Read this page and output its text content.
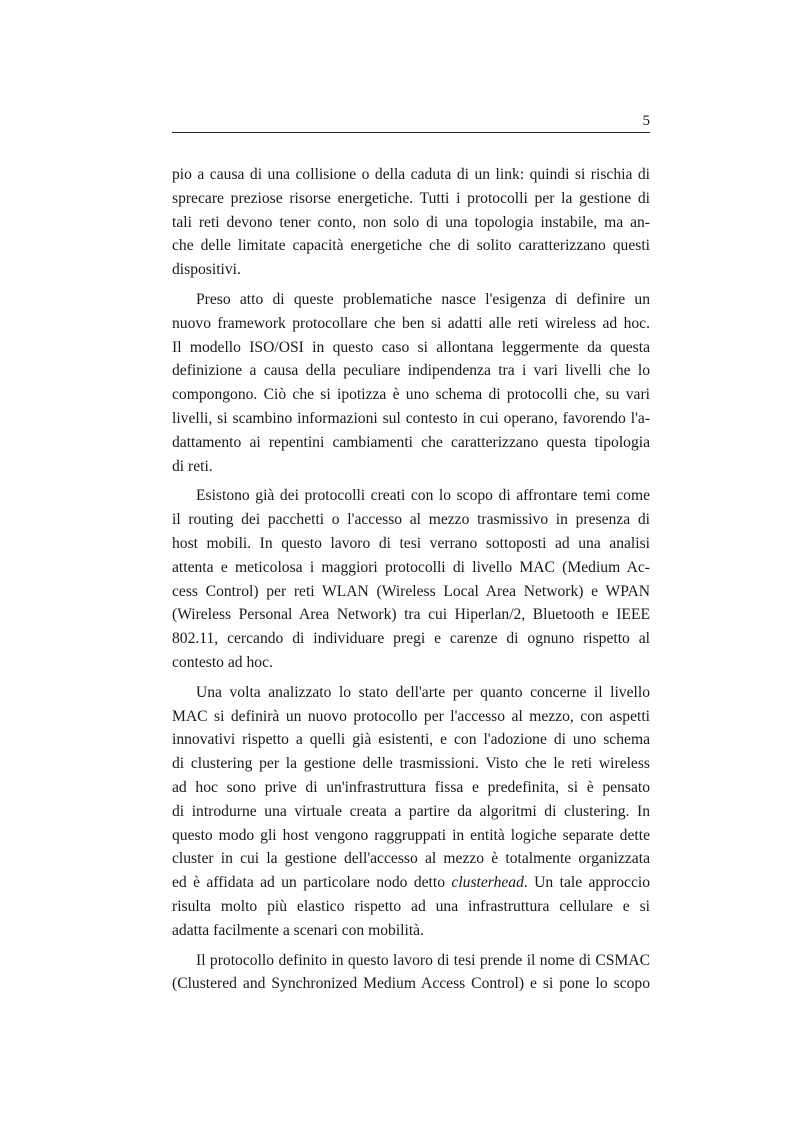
5

pio a causa di una collisione o della caduta di un link: quindi si rischia di
sprecare preziose risorse energetiche. Tutti i protocolli per la gestione di
tali reti devono tener conto, non solo di una topologia instabile, ma an-
che delle limitate capacità energetiche che di solito caratterizzano questi
dispositivi.

Preso atto di queste problematiche nasce l'esigenza di definire un
nuovo framework protocollare che ben si adatti alle reti wireless ad hoc.
Il modello ISO/OSI in questo caso si allontana leggermente da questa
definizione a causa della peculiare indipendenza tra i vari livelli che lo
compongono. Ciò che si ipotizza è uno schema di protocolli che, su vari
livelli, si scambino informazioni sul contesto in cui operano, favorendo l'a-
dattamento ai repentini cambiamenti che caratterizzano questa tipologia
di reti.

Esistono già dei protocolli creati con lo scopo di affrontare temi come
il routing dei pacchetti o l'accesso al mezzo trasmissivo in presenza di
host mobili. In questo lavoro di tesi verrano sottoposti ad una analisi
attenta e meticolosa i maggiori protocolli di livello MAC (Medium Ac-
cess Control) per reti WLAN (Wireless Local Area Network) e WPAN
(Wireless Personal Area Network) tra cui Hiperlan/2, Bluetooth e IEEE
802.11, cercando di individuare pregi e carenze di ognuno rispetto al
contesto ad hoc.

Una volta analizzato lo stato dell'arte per quanto concerne il livello
MAC si definirà un nuovo protocollo per l'accesso al mezzo, con aspetti
innovativi rispetto a quelli già esistenti, e con l'adozione di uno schema
di clustering per la gestione delle trasmissioni. Visto che le reti wireless
ad hoc sono prive di un'infrastruttura fissa e predefinita, si è pensato
di introdurne una virtuale creata a partire da algoritmi di clustering. In
questo modo gli host vengono raggruppati in entità logiche separate dette
cluster in cui la gestione dell'accesso al mezzo è totalmente organizzata
ed è affidata ad un particolare nodo detto clusterhead. Un tale approccio
risulta molto più elastico rispetto ad una infrastruttura cellulare e si
adatta facilmente a scenari con mobilità.

Il protocollo definito in questo lavoro di tesi prende il nome di CSMAC
(Clustered and Synchronized Medium Access Control) e si pone lo scopo
